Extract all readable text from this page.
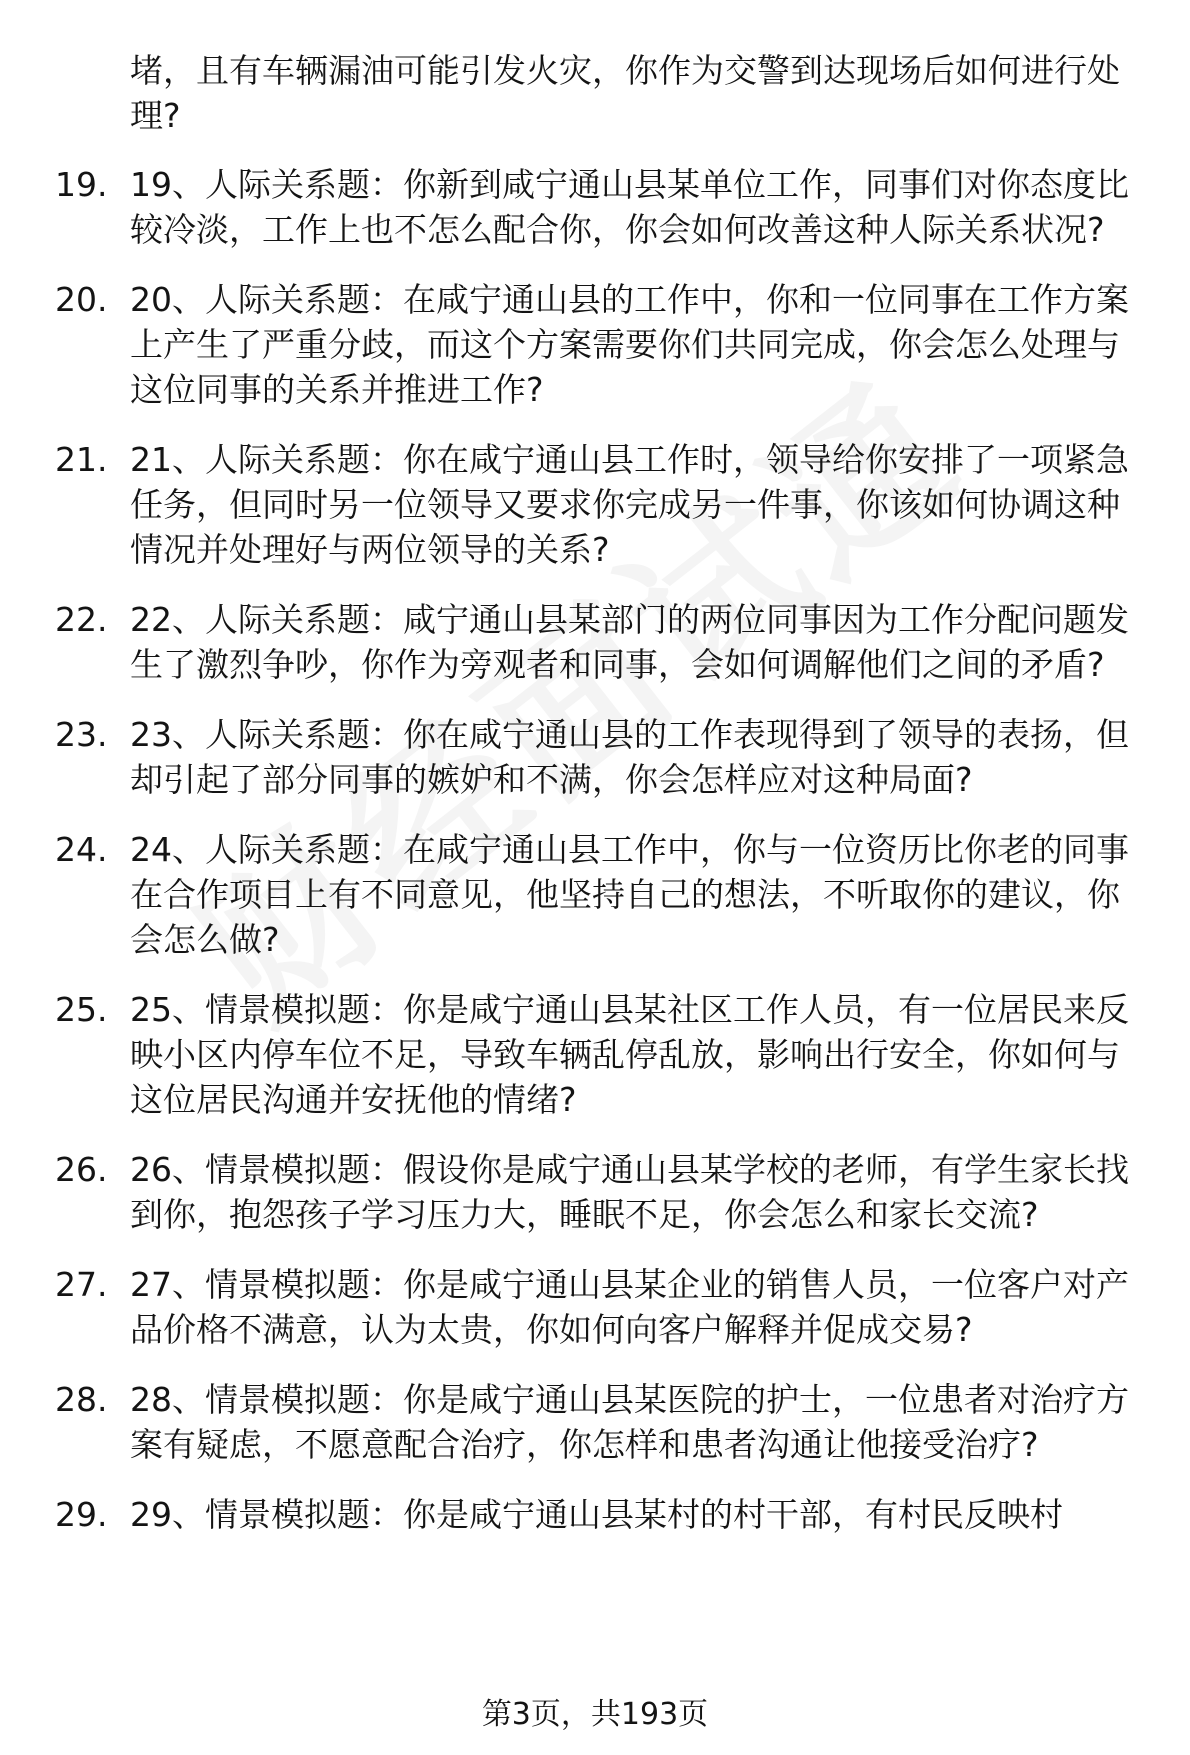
堵，且有车辆漏油可能引发火灾，你作为交警到达现场后如何进行处理?
19. 19、人际关系题：你新到咸宁通山县某单位工作，同事们对你态度比较冷淡，工作上也不怎么配合你，你会如何改善这种人际关系状况?
20. 20、人际关系题：在咸宁通山县的工作中，你和一位同事在工作方案上产生了严重分歧，而这个方案需要你们共同完成，你会怎么处理与这位同事的关系并推进工作?
21. 21、人际关系题：你在咸宁通山县工作时，领导给你安排了一项紧急任务，但同时另一位领导又要求你完成另一件事，你该如何协调这种情况并处理好与两位领导的关系?
22. 22、人际关系题：咸宁通山县某部门的两位同事因为工作分配问题发生了激烈争吵，你作为旁观者和同事，会如何调解他们之间的矛盾?
23. 23、人际关系题：你在咸宁通山县的工作表现得到了领导的表扬，但却引起了部分同事的嫉妒和不满，你会怎样应对这种局面?
24. 24、人际关系题：在咸宁通山县工作中，你与一位资历比你老的同事在合作项目上有不同意见，他坚持自己的想法，不听取你的建议，你会怎么做?
25. 25、情景模拟题：你是咸宁通山县某社区工作人员，有一位居民来反映小区内停车位不足，导致车辆乱停乱放，影响出行安全，你如何与这位居民沟通并安抚他的情绪?
26. 26、情景模拟题：假设你是咸宁通山县某学校的老师，有学生家长找到你，抱怨孩子学习压力大，睡眠不足，你会怎么和家长交流?
27. 27、情景模拟题：你是咸宁通山县某企业的销售人员，一位客户对产品价格不满意，认为太贵，你如何向客户解释并促成交易?
28. 28、情景模拟题：你是咸宁通山县某医院的护士，一位患者对治疗方案有疑虑，不愿意配合治疗，你怎样和患者沟通让他接受治疗?
29. 29、情景模拟题：你是咸宁通山县某村的村干部，有村民反映村
第3页，共193页
